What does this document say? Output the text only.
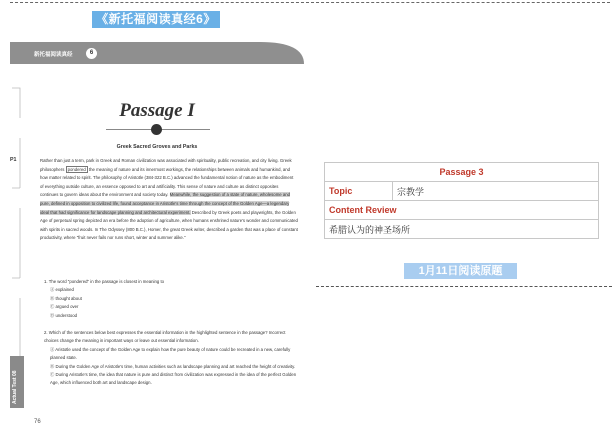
《新托福阅读真经6》
新托福阅读真经	6
Actual Test 08
Passage I
Greek Sacred Groves and Parks
P1	Rather than just a term, park in Greek and Roman civilization was associated with spirituality, public recreation, and city living. Greek philosophers pondered the meaning of nature and its innermost workings, the relationships between animals and humankind, and how matter related to spirit. The philosophy of Aristotle (384-322 B.C.) advanced the fundamental notion of nature as the embodiment of everything outside culture, an essence opposed to art and artificiality. This sense of nature and culture as distinct opposites continues to govern ideas about the environment and society today. Meanwhile, the suggestion of a state of nature, wholesome and pure, defined in opposition to civilized life, found acceptance in Aristotle's time through the concept of the Golden Age—a legendary ideal that had significance for landscape planning and architectural experiment. Described by Greek poets and playwrights, the Golden Age of perpetual spring depicted an era before the adoption of agriculture, when humans enshrined nature's wonder and communicated with spirits in sacred woods. In The Odyssey (800 B.C.), Homer, the great Greek writer, described a garden that was a place of constant productivity, where "fruit never fails nor runs short, winter and summer alike."
1. The word "pondered" in the passage is closest in meaning to
Ⓐ explained
Ⓑ thought about
Ⓒ argued over
Ⓓ understood
2. Which of the sentences below best expresses the essential information in the highlighted sentence in the passage? Incorrect choices change the meaning in important ways or leave out essential information.
Ⓐ Aristotle used the concept of the Golden Age to explain how the pure beauty of nature could be recreated in a new, carefully planned state.
Ⓑ During the Golden Age of Aristotle's time, human activities such as landscape planning and art reached the height of creativity.
Ⓒ During Aristotle's time, the idea that nature is pure and distinct from civilization was expressed in the idea of the perfect Golden Age, which influenced both art and landscape design.
76
Passage 3
Topic	宗教学
Content Review
希腊认为的神圣场所
1月11日阅读原题
